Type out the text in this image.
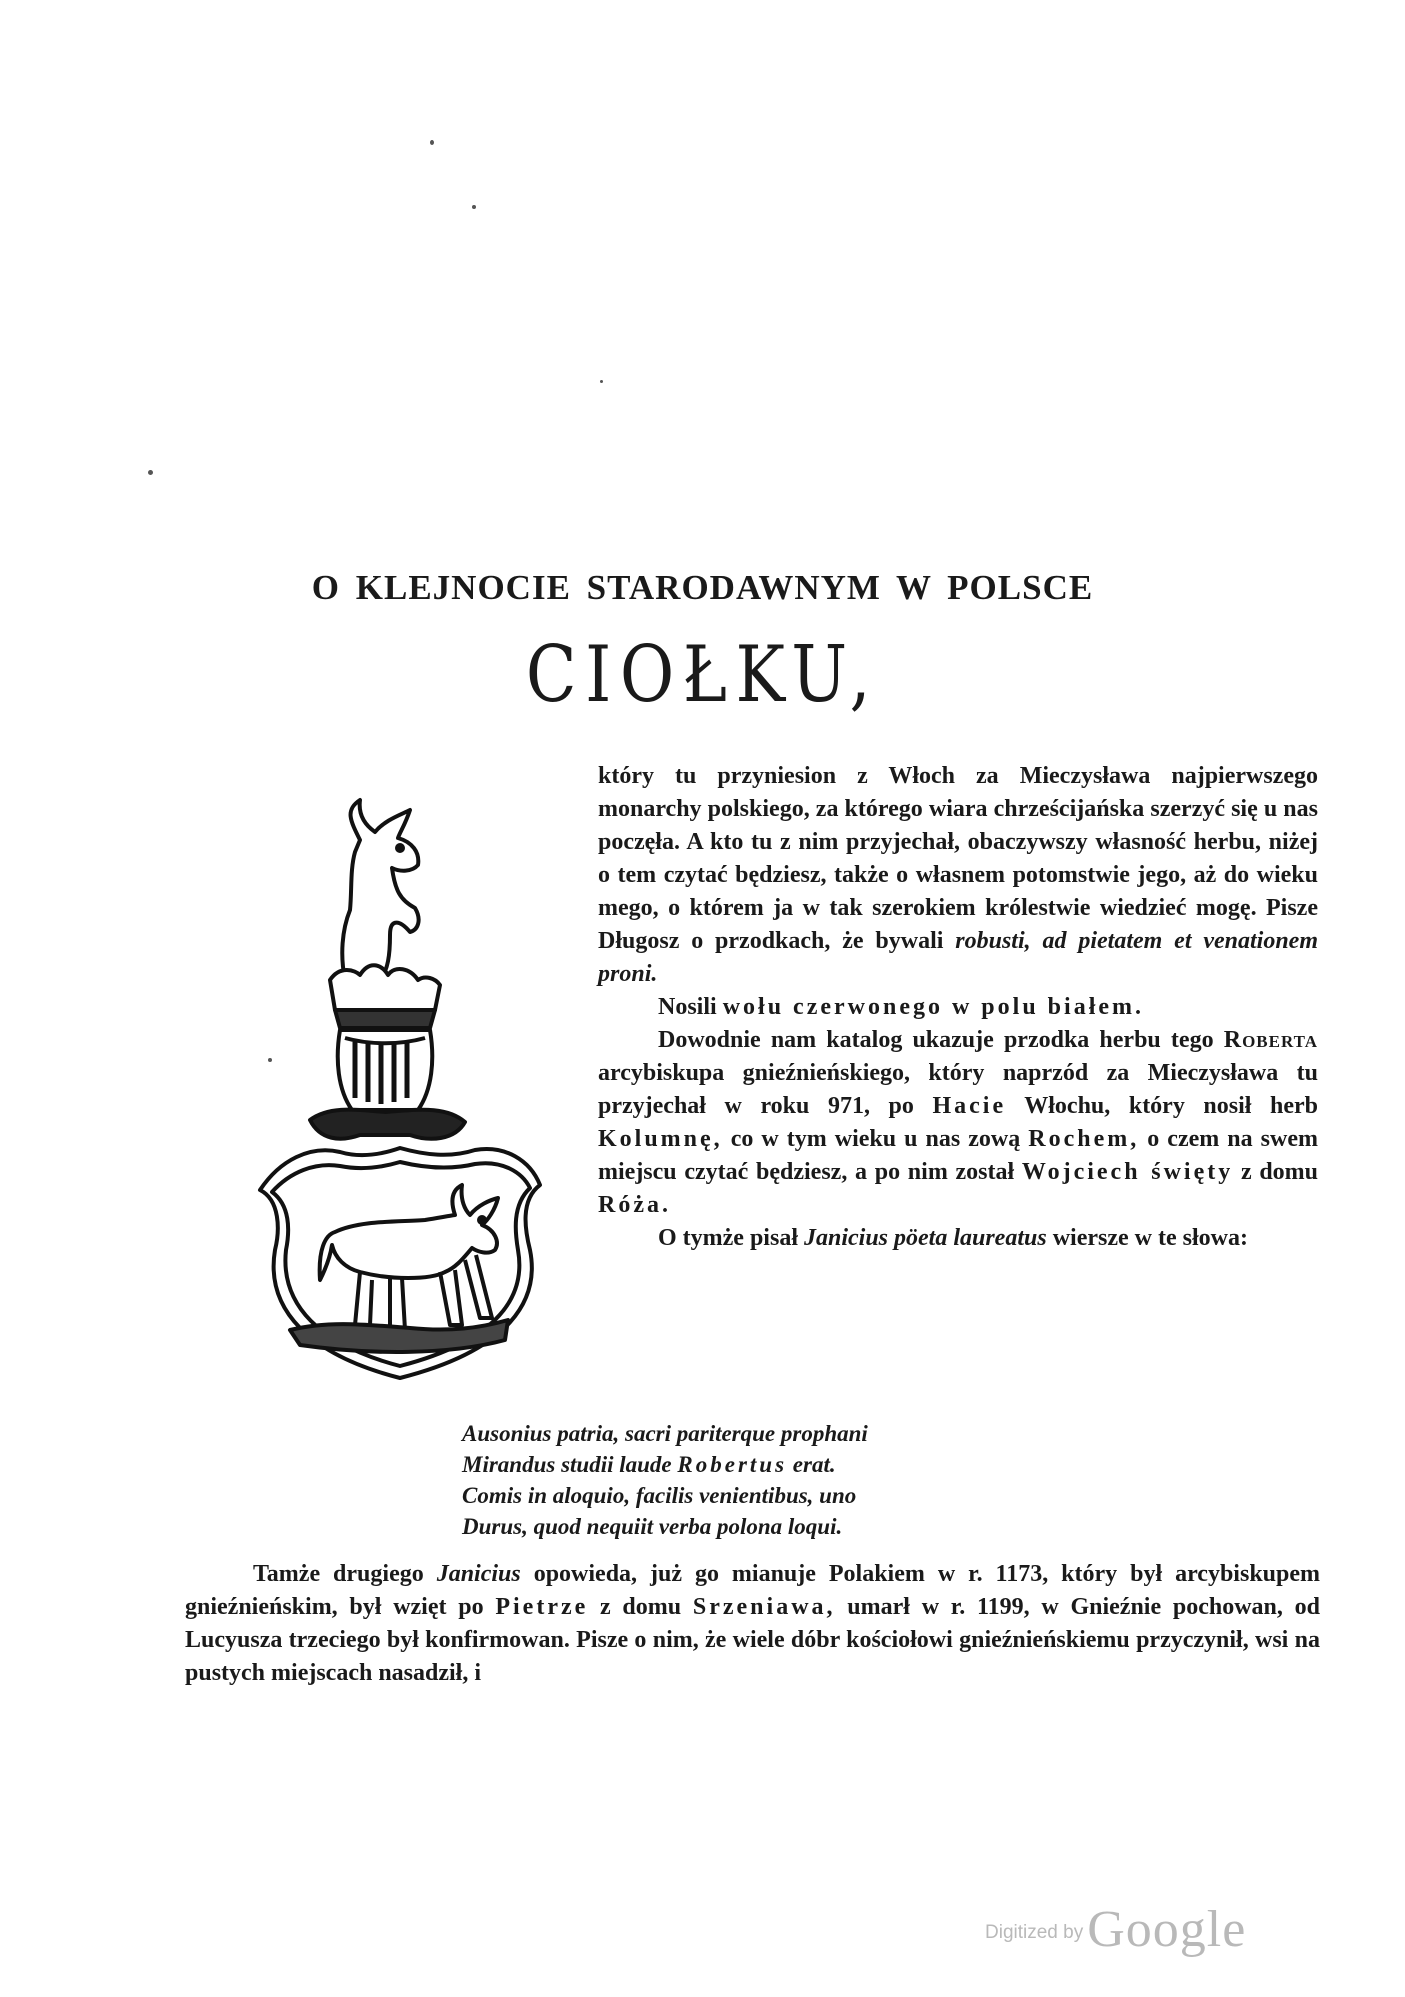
O KLEJNOCIE STARODAWNYM W POLSCE
CIOŁKU,

który tu przyniesion z Włoch za Mieczysława najpierwszego monarchy polskiego, za którego wiara chrześcijańska szerzyć się u nas poczęła. A kto tu z nim przyjechał, obaczywszy własność herbu, niżej o tem czytać będziesz, także o własnem potomstwie jego, aż do wieku mego, o którem ja w tak szerokiem królestwie wiedzieć mogę. Pisze Długosz o przodkach, że bywali robusti, ad pietatem et venationem proni.

Nosili wołu czerwonego w polu białem.

Dowodnie nam katalog ukazuje przodka herbu tego Roberta arcybiskupa gnieźnieńskiego, który naprzód za Mieczysława tu przyjechał w roku 971, po Hacie Włochu, który nosił herb Kolumnę, co w tym wieku u nas zową Rochem, o czem na swem miejscu czytać będziesz, a po nim został Wojciech święty z domu Róża.

O tymże pisał Janicius pöeta laureatus wiersze w te słowa:

Ausonius patria, sacri pariterque prophani
Mirandus studii laude Robertus erat.
Comis in aloquio, facilis venientibus, uno
Durus, quod nequiit verba polona loqui.

Tamże drugiego Janicius opowieda, już go mianuje Polakiem w r. 1173, który był arcybiskupem gnieźnieńskim, był wzięt po Pietrze z domu Srzeniawa, umarł w r. 1199, w Gnieźnie pochowan, od Lucyusza trzeciego był konfirmowan. Pisze o nim, że wiele dóbr kościołowi gnieźnieńskiemu przyczynił, wsi na pustych miejscach nasadził, i

Digitized by Google
